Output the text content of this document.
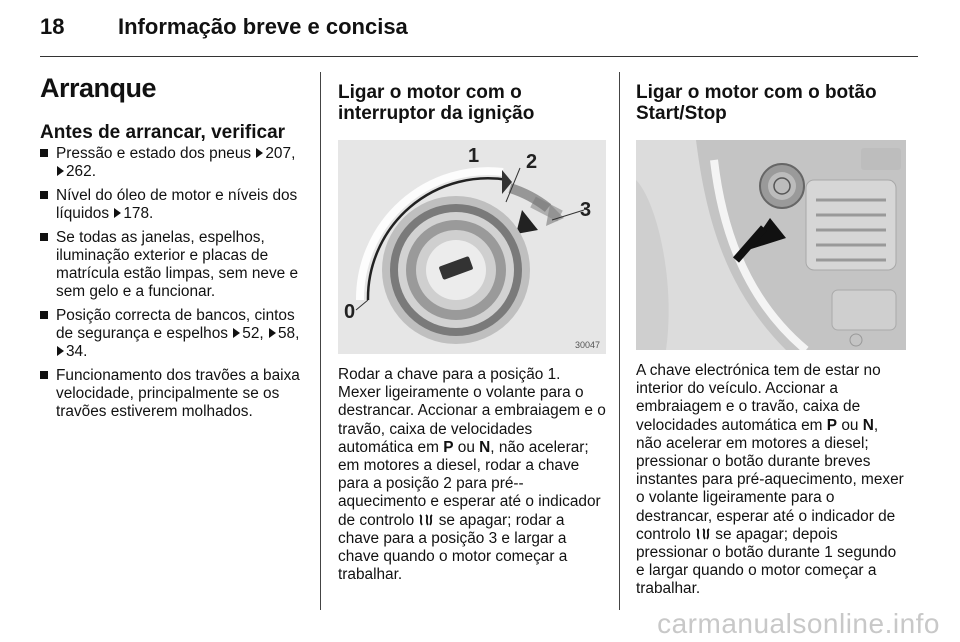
18 Informação breve e concisa
Arranque
Antes de arrancar, verificar
Pressão e estado dos pneus 207, 262.
Nível do óleo de motor e níveis dos líquidos 178.
Se todas as janelas, espelhos, iluminação exterior e placas de matrícula estão limpas, sem neve e sem gelo e a funcionar.
Posição correcta de bancos, cintos de segurança e espelhos 52, 58, 34.
Funcionamento dos travões a baixa velocidade, principalmente se os travões estiverem molhados.
Ligar o motor com o interruptor da ignição
1 2
3
0
30047

Rodar a chave para a posição 1. Mexer ligeiramente o volante para o destrancar. Accionar a embraiagem e o travão, caixa de velocidades automática em P ou N, não acelerar; em motores a diesel, rodar a chave para a posição 2 para pré--aquecimento e esperar até o indicador de controlo  se apagar; rodar a chave para a posição 3 e largar a chave quando o motor começar a trabalhar.

Ligar o motor com o botão Start/Stop

A chave electrónica tem de estar no interior do veículo. Accionar a embraiagem e o travão, caixa de velocidades automática em P ou N, não acelerar em motores a diesel; pressionar o botão durante breves instantes para pré-aquecimento, mexer o volante ligeiramente para o destrancar, esperar até o indicador de controlo  se apagar; depois pressionar o botão durante 1 segundo e largar quando o motor começar a trabalhar.

carmanualsonline.info
